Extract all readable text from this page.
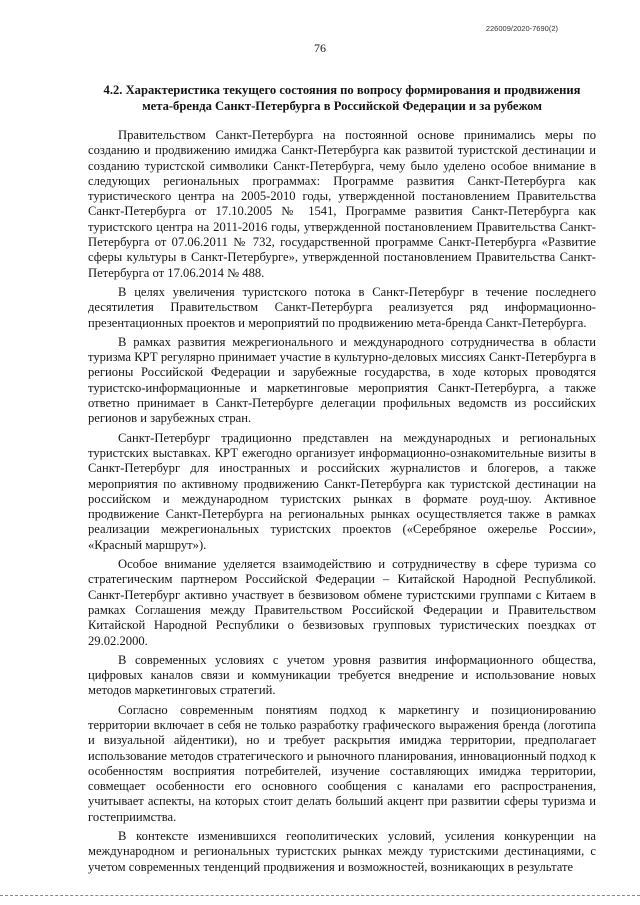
226009/2020-7690(2)
76
4.2. Характеристика текущего состояния по вопросу формирования и продвижения мета-бренда Санкт-Петербурга в Российской Федерации и за рубежом

Правительством Санкт-Петербурга на постоянной основе принимались меры по созданию и продвижению имиджа Санкт-Петербурга как развитой туристской дестинации и созданию туристской символики Санкт-Петербурга, чему было уделено особое внимание в следующих региональных программах: Программе развития Санкт-Петербурга как туристического центра на 2005-2010 годы, утвержденной постановлением Правительства Санкт-Петербурга от 17.10.2005 № 1541, Программе развития Санкт-Петербурга как туристского центра на 2011-2016 годы, утвержденной постановлением Правительства Санкт-Петербурга от 07.06.2011 № 732, государственной программе Санкт-Петербурга «Развитие сферы культуры в Санкт-Петербурге», утвержденной постановлением Правительства Санкт-Петербурга от 17.06.2014 № 488.

В целях увеличения туристского потока в Санкт-Петербург в течение последнего десятилетия Правительством Санкт-Петербурга реализуется ряд информационно-презентационных проектов и мероприятий по продвижению мета-бренда Санкт-Петербурга.

В рамках развития межрегионального и международного сотрудничества в области туризма КРТ регулярно принимает участие в культурно-деловых миссиях Санкт-Петербурга в регионы Российской Федерации и зарубежные государства, в ходе которых проводятся туристско-информационные и маркетинговые мероприятия Санкт-Петербурга, а также ответно принимает в Санкт-Петербурге делегации профильных ведомств из российских регионов и зарубежных стран.

Санкт-Петербург традиционно представлен на международных и региональных туристских выставках. КРТ ежегодно организует информационно-ознакомительные визиты в Санкт-Петербург для иностранных и российских журналистов и блогеров, а также мероприятия по активному продвижению Санкт-Петербурга как туристской дестинации на российском и международном туристских рынках в формате роуд-шоу. Активное продвижение Санкт-Петербурга на региональных рынках осуществляется также в рамках реализации межрегиональных туристских проектов («Серебряное ожерелье России», «Красный маршрут»).

Особое внимание уделяется взаимодействию и сотрудничеству в сфере туризма со стратегическим партнером Российской Федерации – Китайской Народной Республикой. Санкт-Петербург активно участвует в безвизовом обмене туристскими группами с Китаем в рамках Соглашения между Правительством Российской Федерации и Правительством Китайской Народной Республики о безвизовых групповых туристических поездках от 29.02.2000.

В современных условиях с учетом уровня развития информационного общества, цифровых каналов связи и коммуникации требуется внедрение и использование новых методов маркетинговых стратегий.

Согласно современным понятиям подход к маркетингу и позиционированию территории включает в себя не только разработку графического выражения бренда (логотипа и визуальной айдентики), но и требует раскрытия имиджа территории, предполагает использование методов стратегического и рыночного планирования, инновационный подход к особенностям восприятия потребителей, изучение составляющих имиджа территории, совмещает особенности его основного сообщения с каналами его распространения, учитывает аспекты, на которых стоит делать больший акцент при развитии сферы туризма и гостеприимства.

В контексте изменившихся геополитических условий, усиления конкуренции на международном и региональных туристских рынках между туристскими дестинациями, с учетом современных тенденций продвижения и возможностей, возникающих в результате
